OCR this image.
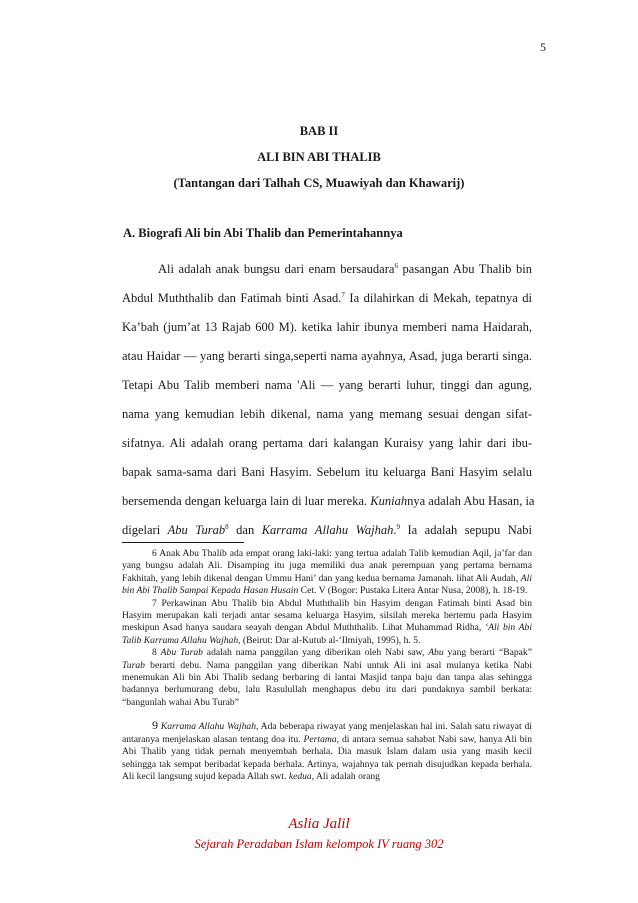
5
BAB II
ALI BIN ABI THALIB
(Tantangan dari Talhah CS, Muawiyah dan Khawarij)
A. Biografi Ali bin Abi Thalib dan Pemerintahannya
Ali adalah anak bungsu dari enam bersaudara$^6$ pasangan Abu Thalib bin
Abdul Muththalib dan Fatimah binti Asad.$^7$ Ia dilahirkan di Mekah, tepatnya di
Ka’bah (jum’at 13 Rajab 600 M). ketika lahir ibunya memberi nama Haidarah,
atau Haidar — yang berarti singa,seperti nama ayahnya, Asad, juga berarti singa.
Tetapi Abu Talib memberi nama 'Ali — yang berarti luhur, tinggi dan agung,
nama yang kemudian lebih dikenal, nama yang memang sesuai dengan sifat-
sifatnya. Ali adalah orang pertama dari kalangan Kuraisy yang lahir dari ibu-
bapak sama-sama dari Bani Hasyim. Sebelum itu keluarga Bani Hasyim selalu
bersemenda dengan keluarga lain di luar mereka. Kuniahnya adalah Abu Hasan, ia
digelari Abu Turab$^8$ dan Karrama Allahu Wajhah.$^9$ Ia adalah sepupu Nabi

6 Anak Abu Thalib ada empat orang laki-laki: yang tertua adalah Talib kemudian Aqil, ja’far dan yang bungsu adalah Ali. Disamping itu juga memiliki dua anak perempuan yang pertama bernama Fakhitah, yang lebih dikenal dengan Ummu Hani’ dan yang kedua bernama Jamanah. lihat Ali Audah, Ali bin Abi Thalib Sampai Kepada Hasan Husain Cet. V (Bogor: Pustaka Litera Antar Nusa, 2008), h. 18-19.

7 Perkawinan Abu Thalib bin Abdul Muththalib bin Hasyim dengan Fatimah binti Asad bin Hasyim merupakan kali terjadi antar sesama keluarga Hasyim, silsilah mereka bertemu pada Hasyim meskipun Asad hanya saudara seayah dengan Abdul Muththalib. Lihat Muhammad Ridha, ‘Ali bin Abi Talib Karrama Allahu Wajhah, (Beirut: Dar al-Kutub al-‘Ilmiyah, 1995), h. 5.

8 Abu Turab adalah nama panggilan yang diberikan oleh Nabi saw, Abu yang berarti “Bapak” Turab berarti debu. Nama panggilan yang diberikan Nabi untuk Ali ini asal mulanya ketika Nabi menemukan Ali bin Abi Thalib sedang berbaring di lantai Masjid tanpa baju dan tanpa alas sehingga badannya berlumurang debu, lalu Rasulullah menghapus debu itu dari pundaknya sambil berkata: “bangunlah wahai Abu Turab”

9 Karrama Allahu Wajhah, Ada beberapa riwayat yang menjelaskan hal ini. Salah satu riwayat di antaranya menjelaskan alasan tentang doa itu. Pertama, di antara semua sahabat Nabi saw, hanya Ali bin Abi Thalib yang tidak pernah menyembah berhala. Dia masuk Islam dalam usia yang masih kecil sehingga tak sempat beribadat kepada berhala. Artinya, wajahnya tak pernah disujudkan kepada berhala. Ali kecil langsung sujud kepada Allah swt. kedua, Ali adalah orang

Aslia Jalil
Sejarah Peradaban Islam kelompok IV ruang 302
